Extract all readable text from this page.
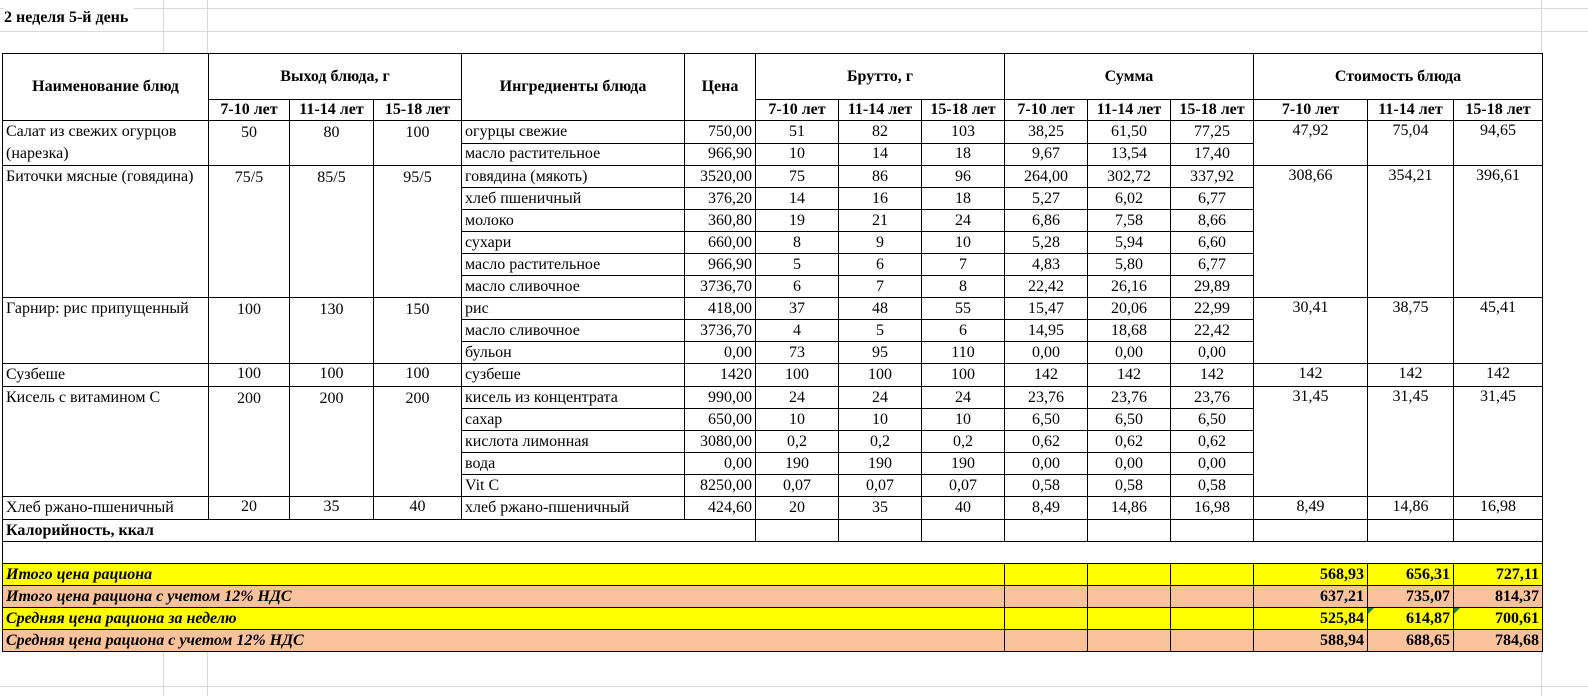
2 неделя 5-й день
Наименование блюд	Выход блюда, г			Ингредиенты блюда	Цена	Брутто, г			Сумма			Стоимость блюда		
	7-10 лет	11-14 лет	15-18 лет			7-10 лет	11-14 лет	15-18 лет	7-10 лет	11-14 лет	15-18 лет	7-10 лет	11-14 лет	15-18 лет
Салат из свежих огурцов (нарезка)	50	80	100	огурцы свежие	750,00	51	82	103	38,25	61,50	77,25	47,92	75,04	94,65
				масло растительное	966,90	10	14	18	9,67	13,54	17,40			
Биточки мясные (говядина)	75/5	85/5	95/5	говядина (мякоть)	3520,00	75	86	96	264,00	302,72	337,92	308,66	354,21	396,61
				хлеб пшеничный	376,20	14	16	18	5,27	6,02	6,77			
				молоко	360,80	19	21	24	6,86	7,58	8,66			
				сухари	660,00	8	9	10	5,28	5,94	6,60			
				масло растительное	966,90	5	6	7	4,83	5,80	6,77			
				масло сливочное	3736,70	6	7	8	22,42	26,16	29,89			
Гарнир: рис припущенный	100	130	150	рис	418,00	37	48	55	15,47	20,06	22,99	30,41	38,75	45,41
				масло сливочное	3736,70	4	5	6	14,95	18,68	22,42			
				бульон	0,00	73	95	110	0,00	0,00	0,00			
Сузбеше	100	100	100	сузбеше	1420	100	100	100	142	142	142	142	142	142
Кисель с витамином С	200	200	200	кисель из концентрата	990,00	24	24	24	23,76	23,76	23,76	31,45	31,45	31,45
				сахар	650,00	10	10	10	6,50	6,50	6,50			
				кислота лимонная	3080,00	0,2	0,2	0,2	0,62	0,62	0,62			
				вода	0,00	190	190	190	0,00	0,00	0,00			
				Vit C	8250,00	0,07	0,07	0,07	0,58	0,58	0,58			
Хлеб ржано-пшеничный	20	35	40	хлеб ржано-пшеничный	424,60	20	35	40	8,49	14,86	16,98	8,49	14,86	16,98
Калорийность, ккал														

Итого цена рациона												568,93	656,31	727,11
Итого цена рациона с учетом 12% НДС												637,21	735,07	814,37
Средняя цена рациона за неделю												525,84	614,87	700,61
Средняя цена рациона с учетом 12% НДС												588,94	688,65	784,68
